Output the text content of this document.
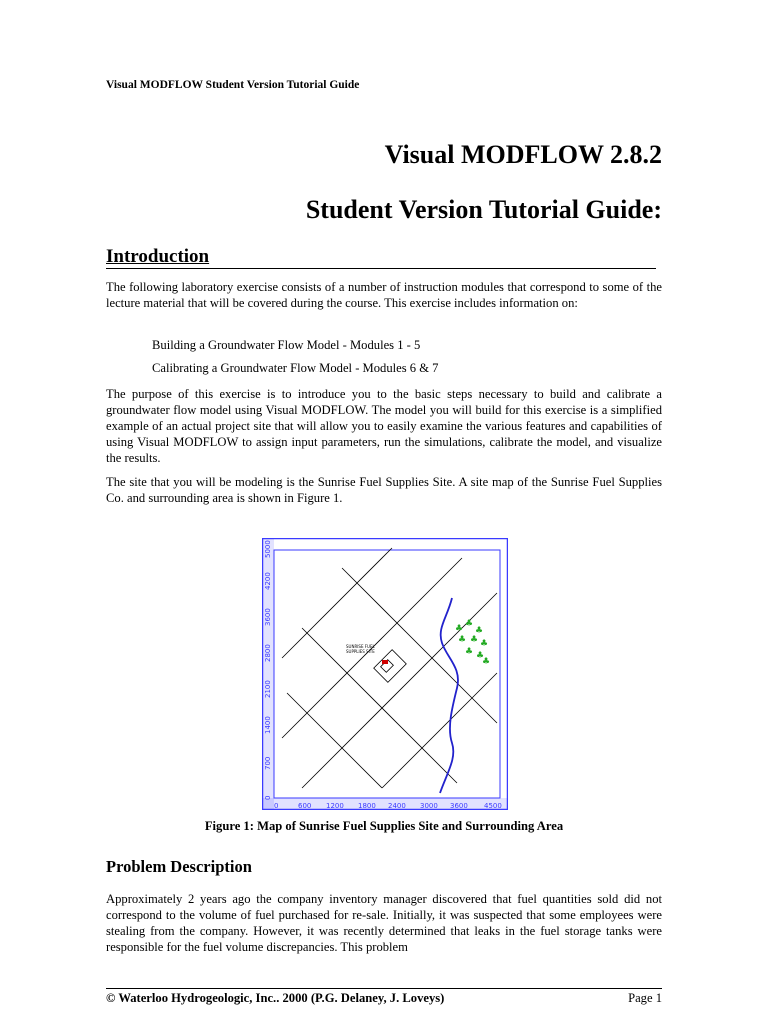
Visual MODFLOW Student Version Tutorial Guide
Visual MODFLOW 2.8.2
Student Version Tutorial Guide:
Introduction
The following laboratory exercise consists of a number of instruction modules that correspond to some of the lecture material that will be covered during the course. This exercise includes information on:
Building a Groundwater Flow Model - Modules 1 - 5
Calibrating a Groundwater Flow Model - Modules 6 & 7
The purpose of this exercise is to introduce you to the basic steps necessary to build and calibrate a groundwater flow model using Visual MODFLOW. The model you will build for this exercise is a simplified example of an actual project site that will allow you to easily examine the various features and capabilities of using Visual MODFLOW to assign input parameters, run the simulations, calibrate the model, and visualize the results.
The site that you will be modeling is the Sunrise Fuel Supplies Site. A site map of the Sunrise Fuel Supplies Co. and surrounding area is shown in Figure 1.
0
700
1400
2100
2800
3600
4200
5000
0	600 1200 1800 2400 3000 3600 4500
SUNRISE FUEL
SUPPLIES SITE
♣ ♣
♣
♣ ♣ ♣
♣ ♣
♣
Figure 1: Map of Sunrise Fuel Supplies Site and Surrounding Area
Problem Description
Approximately 2 years ago the company inventory manager discovered that fuel quantities sold did not correspond to the volume of fuel purchased for re-sale. Initially, it was suspected that some employees were stealing from the company. However, it was recently determined that leaks in the fuel storage tanks were responsible for the fuel volume discrepancies. This problem
© Waterloo Hydrogeologic, Inc.. 2000 (P.G. Delaney, J. Loveys)	Page 1
